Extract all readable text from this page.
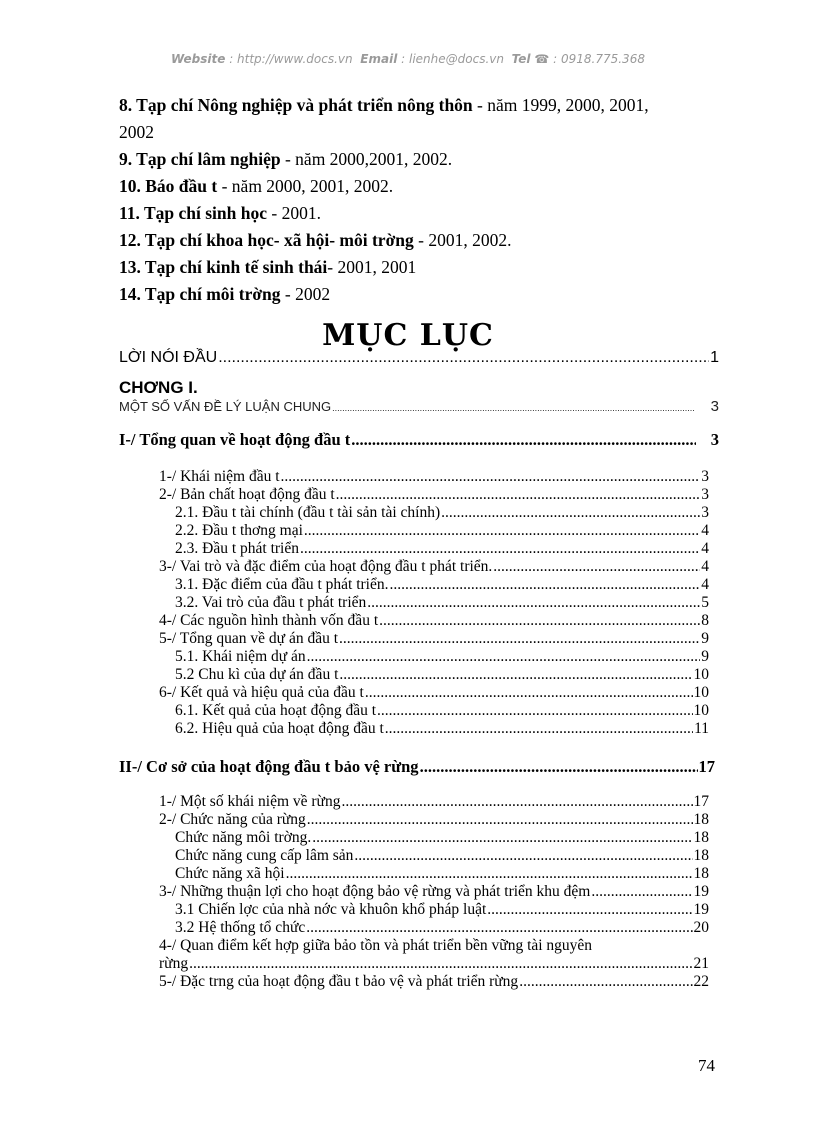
Website : http://www.docs.vn Email : lienhe@docs.vn Tel ☎ : 0918.775.368
8. Tạp chí Nông nghiệp và phát triển nông thôn - năm 1999, 2000, 2001,
2002
9. Tạp chí lâm nghiệp - năm 2000,2001, 2002.
10. Báo đầu t - năm 2000, 2001, 2002.
11. Tạp chí sinh học - 2001.
12. Tạp chí khoa học- xã hội- môi trờng - 2001, 2002.
13. Tạp chí kinh tế sinh thái- 2001, 2001
14. Tạp chí môi trờng - 2002
MỤC LỤC
LỜI NÓI ĐẦU .....	1
CHƠNG I.
MỘT SỐ VẤN ĐỀ LÝ LUẬN CHUNG .....	3
I-/ Tổng quan về hoạt động đầu t .....	3
1-/ Khái niệm đầu t .....	3
2-/ Bản chất hoạt động đầu t .....	3
2.1. Đầu t tài chính (đầu t tài sản tài chính) .....	3
2.2. Đầu t thơng mại .....	4
2.3. Đầu t phát triển .....	4
3-/ Vai trò và đặc điểm của hoạt động đầu t phát triển. .....	4
3.1. Đặc điểm của đầu t phát triển. .....	4
3.2. Vai trò của đầu t phát triển .....	5
4-/ Các nguồn hình thành vốn đầu t .....	8
5-/ Tổng quan về dự án đầu t .....	9
5.1. Khái niệm dự án .....	9
5.2 Chu kì của dự án đầu t .....	10
6-/ Kết quả và hiệu quả của đầu t .....	10
6.1. Kết quả của hoạt động đầu t .....	10
6.2. Hiệu quả của hoạt động đầu t .....	11
II-/ Cơ sở của hoạt động đầu t bảo vệ rừng .....	17
1-/ Một số khái niệm về rừng .....	17
2-/ Chức năng của rừng .....	18
Chức năng môi trờng. .....	18
Chức năng cung cấp lâm sản .....	18
Chức năng xã hội .....	18
3-/ Những thuận lợi cho hoạt động bảo vệ rừng và phát triển khu đệm .....	19
3.1 Chiến lợc của nhà nớc và khuôn khổ pháp luật .....	19
3.2 Hệ thống tổ chức .....	20
4-/ Quan điểm kết hợp giữa bảo tồn và phát triển bền vững tài nguyên
rừng .....	21
5-/ Đặc trng của hoạt động đầu t bảo vệ và phát triển rừng .....	22
74
